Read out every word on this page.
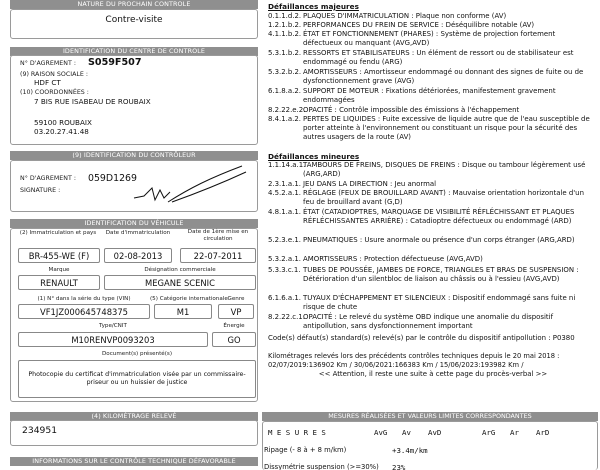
NATURE DU PROCHAIN CONTROLE
Contre-visite
IDENTIFICATION DU CENTRE DE CONTROLE
N° D'AGREMENT : S059F507
(9) RAISON SOCIALE :
HDF CT
(10) COORDONNÉES :
7 BIS RUE ISABEAU DE ROUBAIX
59100 ROUBAIX
03.20.27.41.48
(9) IDENTIFICATION DU CONTRÔLEUR
N° D'AGREMENT : 059D1269
SIGNATURE :
IDENTIFICATION DU VÉHICULE
(2) Immatriculation et pays	Date d'immatriculation	Date de 1ère mise en circulation
BR-455-WE (F)	02-08-2013	22-07-2011
Marque	Désignation commerciale
RENAULT	MEGANE SCENIC
(1) N° dans la série du type (VIN)	(5) Catégorie internationale Genre
VF1JZ000645748375	M1	VP
Type/CNIT	Énergie
M10RENVP0093203	GO
Document(s) présenté(s)
Photocopie du certificat d'immatriculation visée par un commissaire-priseur ou un huissier de justice
(4) KILOMÉTRAGE RELEVÉ
234951
INFORMATIONS SUR LE CONTRÔLE TECHNIQUE DÉFAVORABLE
Défaillances majeures
0.1.1.d.2. PLAQUES D'IMMATRICULATION : Plaque non conforme (AV)
1.2.1.b.2. PERFORMANCES DU FREIN DE SERVICE : Déséquilibre notable (AV)
4.1.1.b.2. ÉTAT ET FONCTIONNEMENT (PHARES) : Système de projection fortement défectueux ou manquant (AVG,AVD)
5.3.1.b.2. RESSORTS ET STABILISATEURS : Un élément de ressort ou de stabilisateur est endommagé ou fendu (ARG)
5.3.2.b.2. AMORTISSEURS : Amortisseur endommagé ou donnant des signes de fuite ou de dysfonctionnement grave (AVG)
6.1.8.a.2. SUPPORT DE MOTEUR : Fixations détériorées, manifestement gravement endommagées
8.2.22.e.2.
OPACITÉ : Contrôle impossible des émissions à l'échappement
8.4.1.a.2. PERTES DE LIQUIDES : Fuite excessive de liquide autre que de l'eau susceptible de porter atteinte à l'environnement ou constituant un risque pour la sécurité des autres usagers de la route (AV)
Défaillances mineures
1.1.14.a.1.
TAMBOURS DE FREINS, DISQUES DE FREINS : Disque ou tambour légèrement usé (ARG,ARD)
2.3.1.a.1. JEU DANS LA DIRECTION : Jeu anormal
4.5.2.a.1. RÉGLAGE (FEUX DE BROUILLARD AVANT) : Mauvaise orientation horizontale d'un feu de brouillard avant (G,D)
4.8.1.a.1. ÉTAT (CATADIOPTRES, MARQUAGE DE VISIBILITÉ RÉFLÉCHISSANT ET PLAQUES RÉFLÉCHISSANTES ARRIÈRE) : Catadioptre défectueux ou endommagé (ARD)
5.2.3.e.1. PNEUMATIQUES : Usure anormale ou présence d'un corps étranger (ARG,ARD)
5.3.2.a.1. AMORTISSEURS : Protection défectueuse (AVG,AVD)
5.3.3.c.1. TUBES DE POUSSÉE, JAMBES DE FORCE, TRIANGLES ET BRAS DE SUSPENSION : Détérioration d'un silentbloc de liaison au châssis ou à l'essieu (AVG,AVD)
6.1.6.a.1. TUYAUX D'ÉCHAPPEMENT ET SILENCIEUX : Dispositif endommagé sans fuite ni risque de chute
8.2.22.c.1.
OPACITÉ : Le relevé du système OBD indique une anomalie du dispositif antipollution, sans dysfonctionnement important
Code(s) défaut(s) standard(s) relevé(s) par le contrôle du dispositif antipollution : P0380
Kilométrages relevés lors des précédents contrôles techniques depuis le 20 mai 2018 : 02/07/2019:136902 Km / 30/06/2021:166383 Km / 15/06/2023:193982 Km /
<< Attention, il reste une suite à cette page du procès-verbal >>
MESURES RÉALISÉES ET VALEURS LIMITES CORRESPONDANTES
M E S U R E S	AvG Av AvD	ArG Ar ArD
Ripage (- 8 à + 8 m/km)	+3.4m/km
Dissymétrie suspension (>=30%) 23%
